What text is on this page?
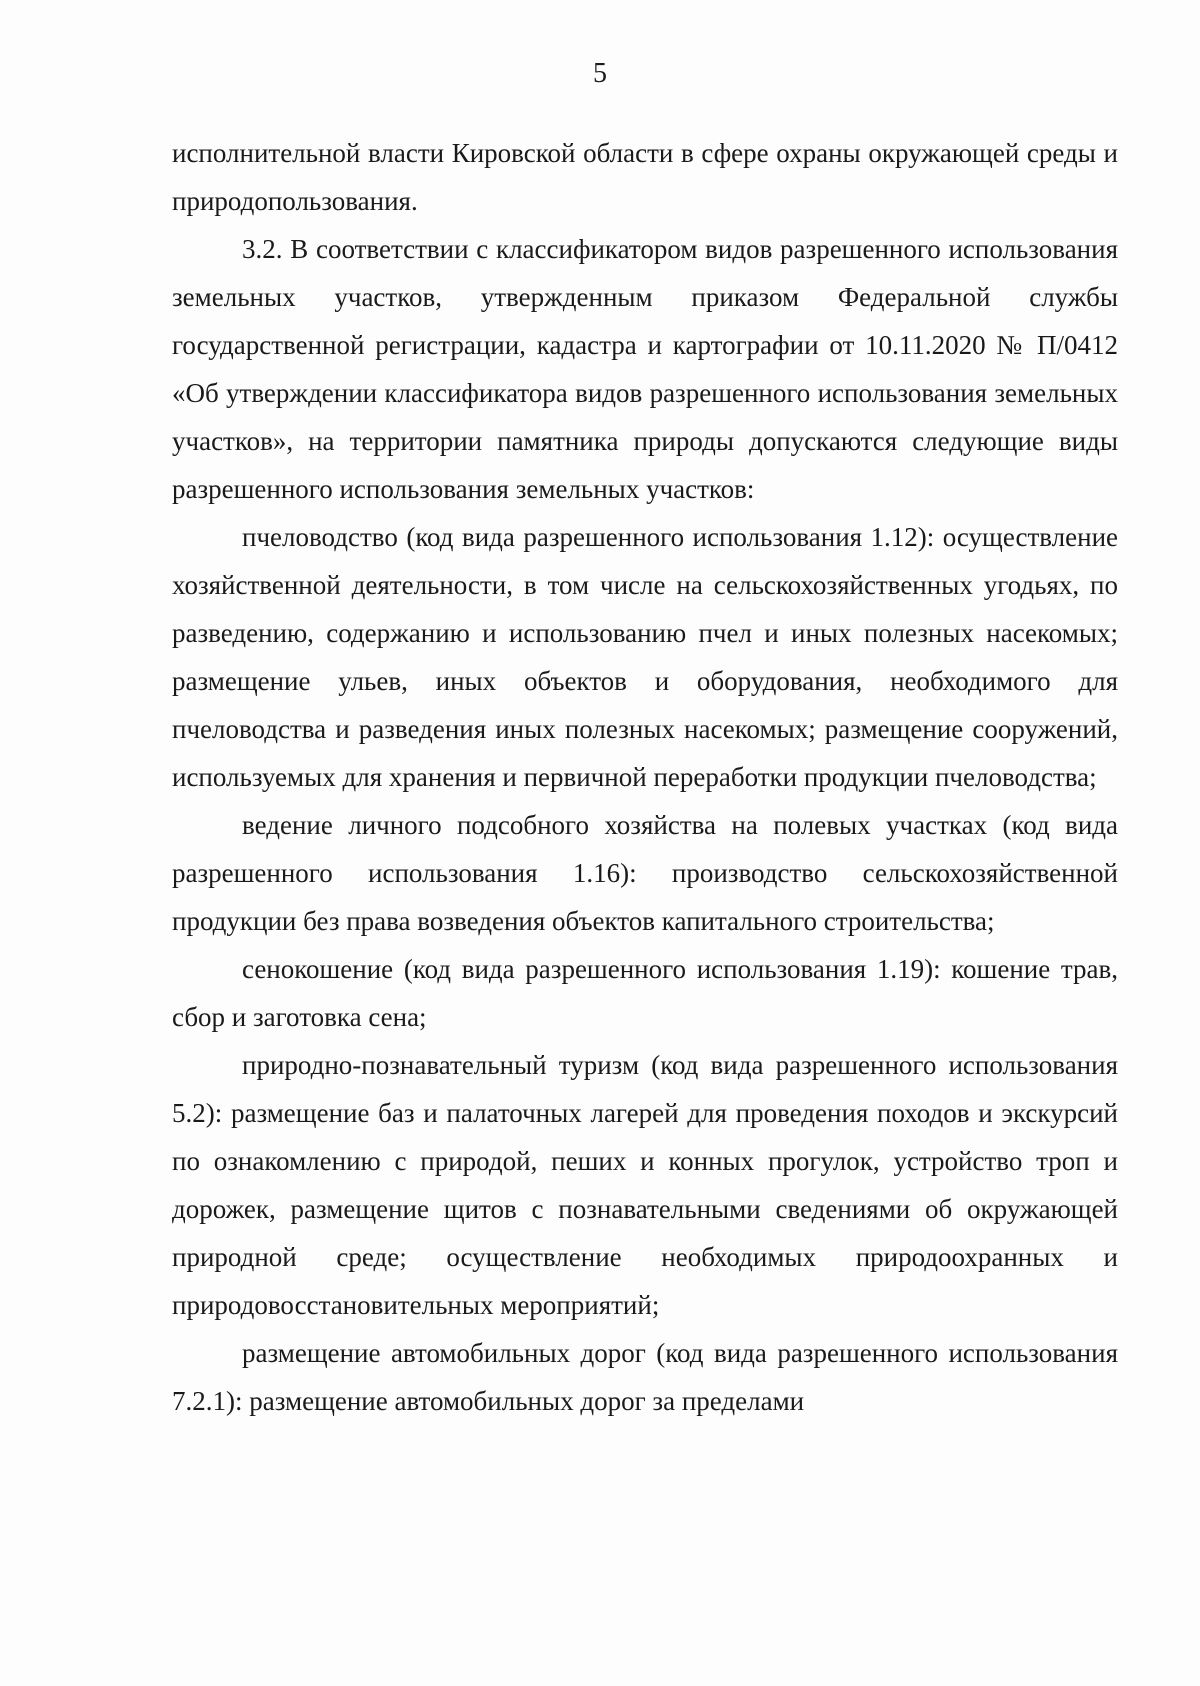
5

исполнительной власти Кировской области в сфере охраны окружающей среды и природопользования.

3.2. В соответствии с классификатором видов разрешенного использования земельных участков, утвержденным приказом Федеральной службы государственной регистрации, кадастра и картографии от 10.11.2020 № П/0412 «Об утверждении классификатора видов разрешенного использования земельных участков», на территории памятника природы допускаются следующие виды разрешенного использования земельных участков:

пчеловодство (код вида разрешенного использования 1.12): осуществление хозяйственной деятельности, в том числе на сельскохозяйственных угодьях, по разведению, содержанию и использованию пчел и иных полезных насекомых; размещение ульев, иных объектов и оборудования, необходимого для пчеловодства и разведения иных полезных насекомых; размещение сооружений, используемых для хранения и первичной переработки продукции пчеловодства;

ведение личного подсобного хозяйства на полевых участках (код вида разрешенного использования 1.16): производство сельскохозяйственной продукции без права возведения объектов капитального строительства;

сенокошение (код вида разрешенного использования 1.19): кошение трав, сбор и заготовка сена;

природно-познавательный туризм (код вида разрешенного использования 5.2): размещение баз и палаточных лагерей для проведения походов и экскурсий по ознакомлению с природой, пеших и конных прогулок, устройство троп и дорожек, размещение щитов с познавательными сведениями об окружающей природной среде; осуществление необходимых природоохранных и природовосстановительных мероприятий;

размещение автомобильных дорог (код вида разрешенного использования 7.2.1): размещение автомобильных дорог за пределами
